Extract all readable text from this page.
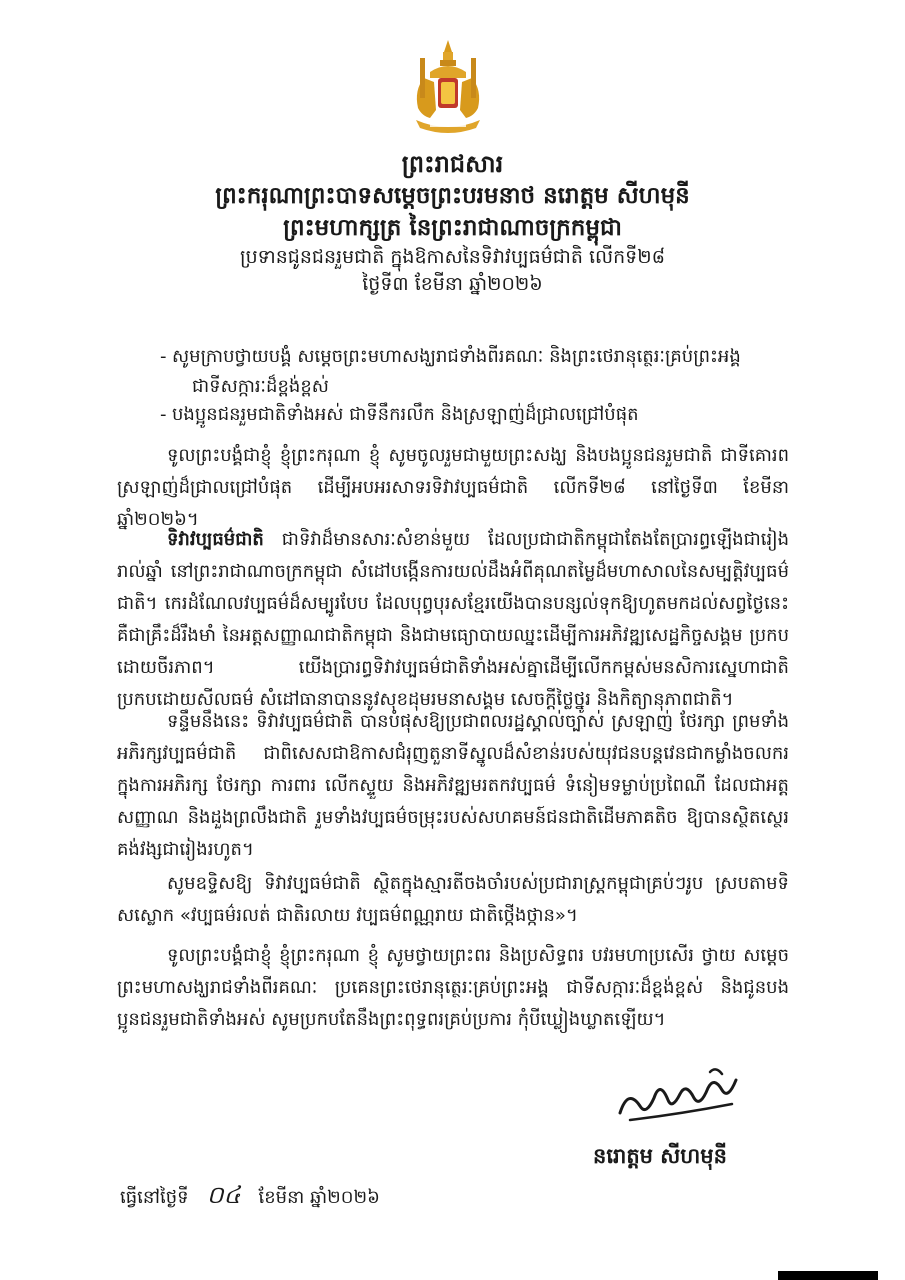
ព្រះរាជសារ
ព្រះករុណាព្រះបាទសម្តេចព្រះបរមនាថ នរោត្តម សីហមុនី
ព្រះមហាក្សត្រ នៃព្រះរាជាណាចក្រកម្ពុជា
ប្រទានជូនជនរួមជាតិ ក្នុងឱកាសនៃទិវាវប្បធម៌ជាតិ លើកទី២៨
ថ្ងៃទី៣ ខែមីនា ឆ្នាំ២០២៦
- សូមក្រាបថ្វាយបង្គំ សម្តេចព្រះមហាសង្ឃរាជទាំងពីរគណៈ និងព្រះថេរានុត្ថេរៈគ្រប់ព្រះអង្គ
ជាទីសក្ការៈដ៏ខ្ពង់ខ្ពស់
- បងប្អូនជនរួមជាតិទាំងអស់ ជាទីនឹករលឹក និងស្រឡាញ់ដ៏ជ្រាលជ្រៅបំផុត
ទូលព្រះបង្គំជាខ្ញុំ ខ្ញុំព្រះករុណា ខ្ញុំ សូមចូលរួមជាមួយព្រះសង្ឃ និងបងប្អូនជនរួមជាតិ ជាទីគោរពស្រឡាញ់ដ៏ជ្រាលជ្រៅបំផុត ដើម្បីអបអរសាទរទិវាវប្បធម៌ជាតិ លើកទី២៨ នៅថ្ងៃទី៣ ខែមីនា ឆ្នាំ២០២៦។
ទិវាវប្បធម៌ជាតិ ជាទិវាដ៏មានសារៈសំខាន់មួយ ដែលប្រជាជាតិកម្ពុជាតែងតែប្រារព្ធឡើងជារៀងរាល់ឆ្នាំ នៅព្រះរាជាណាចក្រកម្ពុជា សំដៅបង្កើនការយល់ដឹងអំពីគុណតម្លៃដ៏មហាសាលនៃសម្បត្តិវប្បធម៌ជាតិ។ កេរដំណែលវប្បធម៌ដ៏សម្បូរបែប ដែលបុព្វបុរសខ្មែរយើងបានបន្សល់ទុកឱ្យហូតមកដល់សព្វថ្ងៃនេះ គឺជាគ្រឹះដ៏រឹងមាំ នៃអត្តសញ្ញាណជាតិកម្ពុជា និងជាមធ្យោបាយឈ្នះដើម្បីការអភិវឌ្ឍសេដ្ឋកិច្ចសង្គម ប្រកបដោយចីរភាព។ យើងប្រារព្ធទិវាវប្បធម៌ជាតិទាំងអស់គ្នាដើម្បីលើកកម្ពស់មនសិការស្នេហាជាតិ ប្រកបដោយសីលធម៌ សំដៅធានាបាននូវសុខដុមរមនាសង្គម សេចក្តីថ្លៃថ្នូរ និងកិត្យានុភាពជាតិ។
ទន្ទឹមនឹងនេះ ទិវាវប្បធម៌ជាតិ បានបំផុសឱ្យប្រជាពលរដ្ឋស្គាល់ច្បាស់ ស្រឡាញ់ ថែរក្សា ព្រមទាំងអភិរក្សវប្បធម៌ជាតិ ជាពិសេសជាឱកាសជំរុញតួនាទីស្នូលដ៏សំខាន់របស់យុវជនបន្តវេនជាកម្លាំងចលករក្នុងការអភិរក្ស ថែរក្សា ការពារ លើកស្ទួយ និងអភិវឌ្ឍមរតកវប្បធម៌ ទំនៀមទម្លាប់ប្រពៃណី ដែលជាអត្តសញ្ញាណ និងដួងព្រលឹងជាតិ រួមទាំងវប្បធម៌ចម្រុះរបស់សហគមន៍ជនជាតិដើមភាគតិច ឱ្យបានស្ថិតស្ថេរគង់វង្សជារៀងរហូត។
សូមឧទ្ទិសឱ្យ ទិវាវប្បធម៌ជាតិ ស្ថិតក្នុងស្មារតីចងចាំរបស់ប្រជារាស្ត្រកម្ពុជាគ្រប់ៗរូប ស្របតាមទិសស្លោក «វប្បធម៌រលត់ ជាតិរលាយ វប្បធម៌ពណ្ណរាយ ជាតិថ្កើងថ្កាន»។
ទូលព្រះបង្គំជាខ្ញុំ ខ្ញុំព្រះករុណា ខ្ញុំ សូមថ្វាយព្រះពរ និងប្រសិទ្ធពរ បវរមហាប្រសើរ ថ្វាយ សម្តេចព្រះមហាសង្ឃរាជទាំងពីរគណៈ ប្រគេនព្រះថេរានុត្ថេរៈគ្រប់ព្រះអង្គ ជាទីសក្ការៈដ៏ខ្ពង់ខ្ពស់ និងជូនបងប្អូនជនរួមជាតិទាំងអស់ សូមប្រកបតែនឹងព្រះពុទ្ធពរគ្រប់ប្រការ កុំបីឃ្លៀងឃ្លាតឡើយ។
នរោត្តម សីហមុនី
ធ្វើនៅថ្ងៃទី ០៤ ខែមីនា ឆ្នាំ២០២៦
